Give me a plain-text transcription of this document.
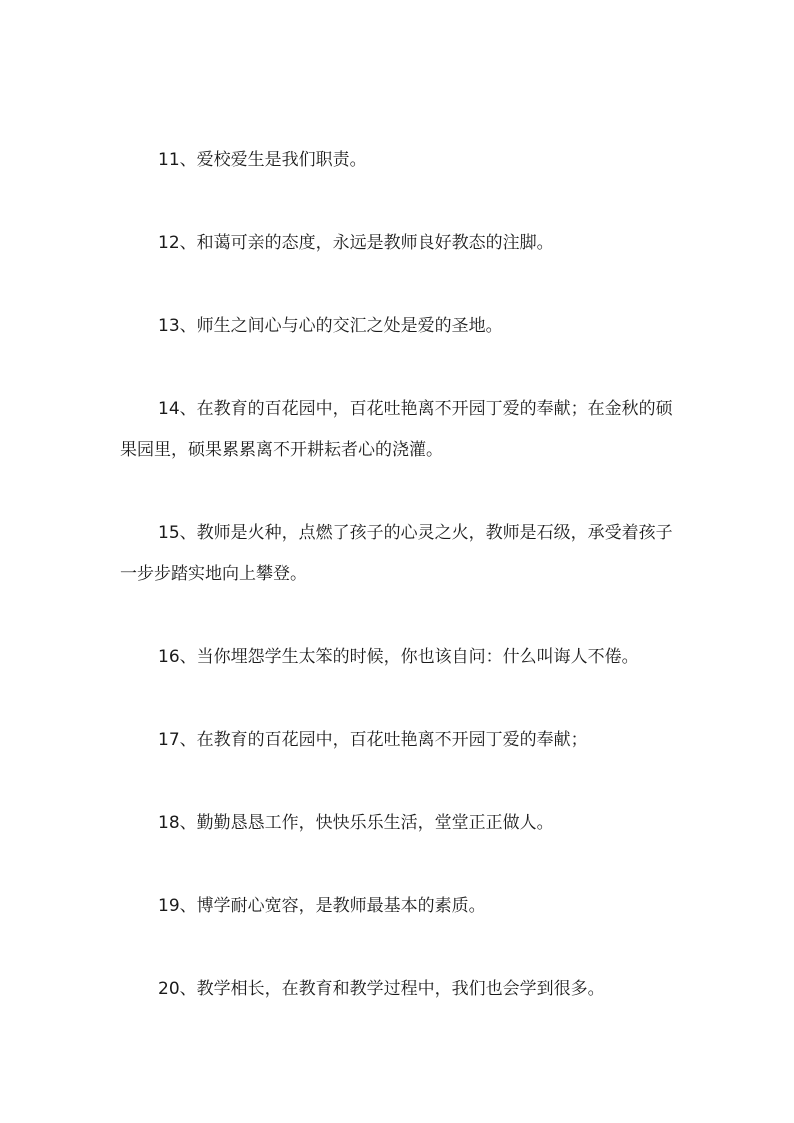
11、爱校爱生是我们职责。

12、和蔼可亲的态度，永远是教师良好教态的注脚。

13、师生之间心与心的交汇之处是爱的圣地。

14、在教育的百花园中，百花吐艳离不开园丁爱的奉献；在金秋的硕果园里，硕果累累离不开耕耘者心的浇灌。

15、教师是火种，点燃了孩子的心灵之火，教师是石级，承受着孩子一步步踏实地向上攀登。

16、当你埋怨学生太笨的时候，你也该自问：什么叫诲人不倦。

17、在教育的百花园中，百花吐艳离不开园丁爱的奉献；

18、勤勤恳恳工作，快快乐乐生活，堂堂正正做人。

19、博学耐心宽容，是教师最基本的素质。

20、教学相长，在教育和教学过程中，我们也会学到很多。
